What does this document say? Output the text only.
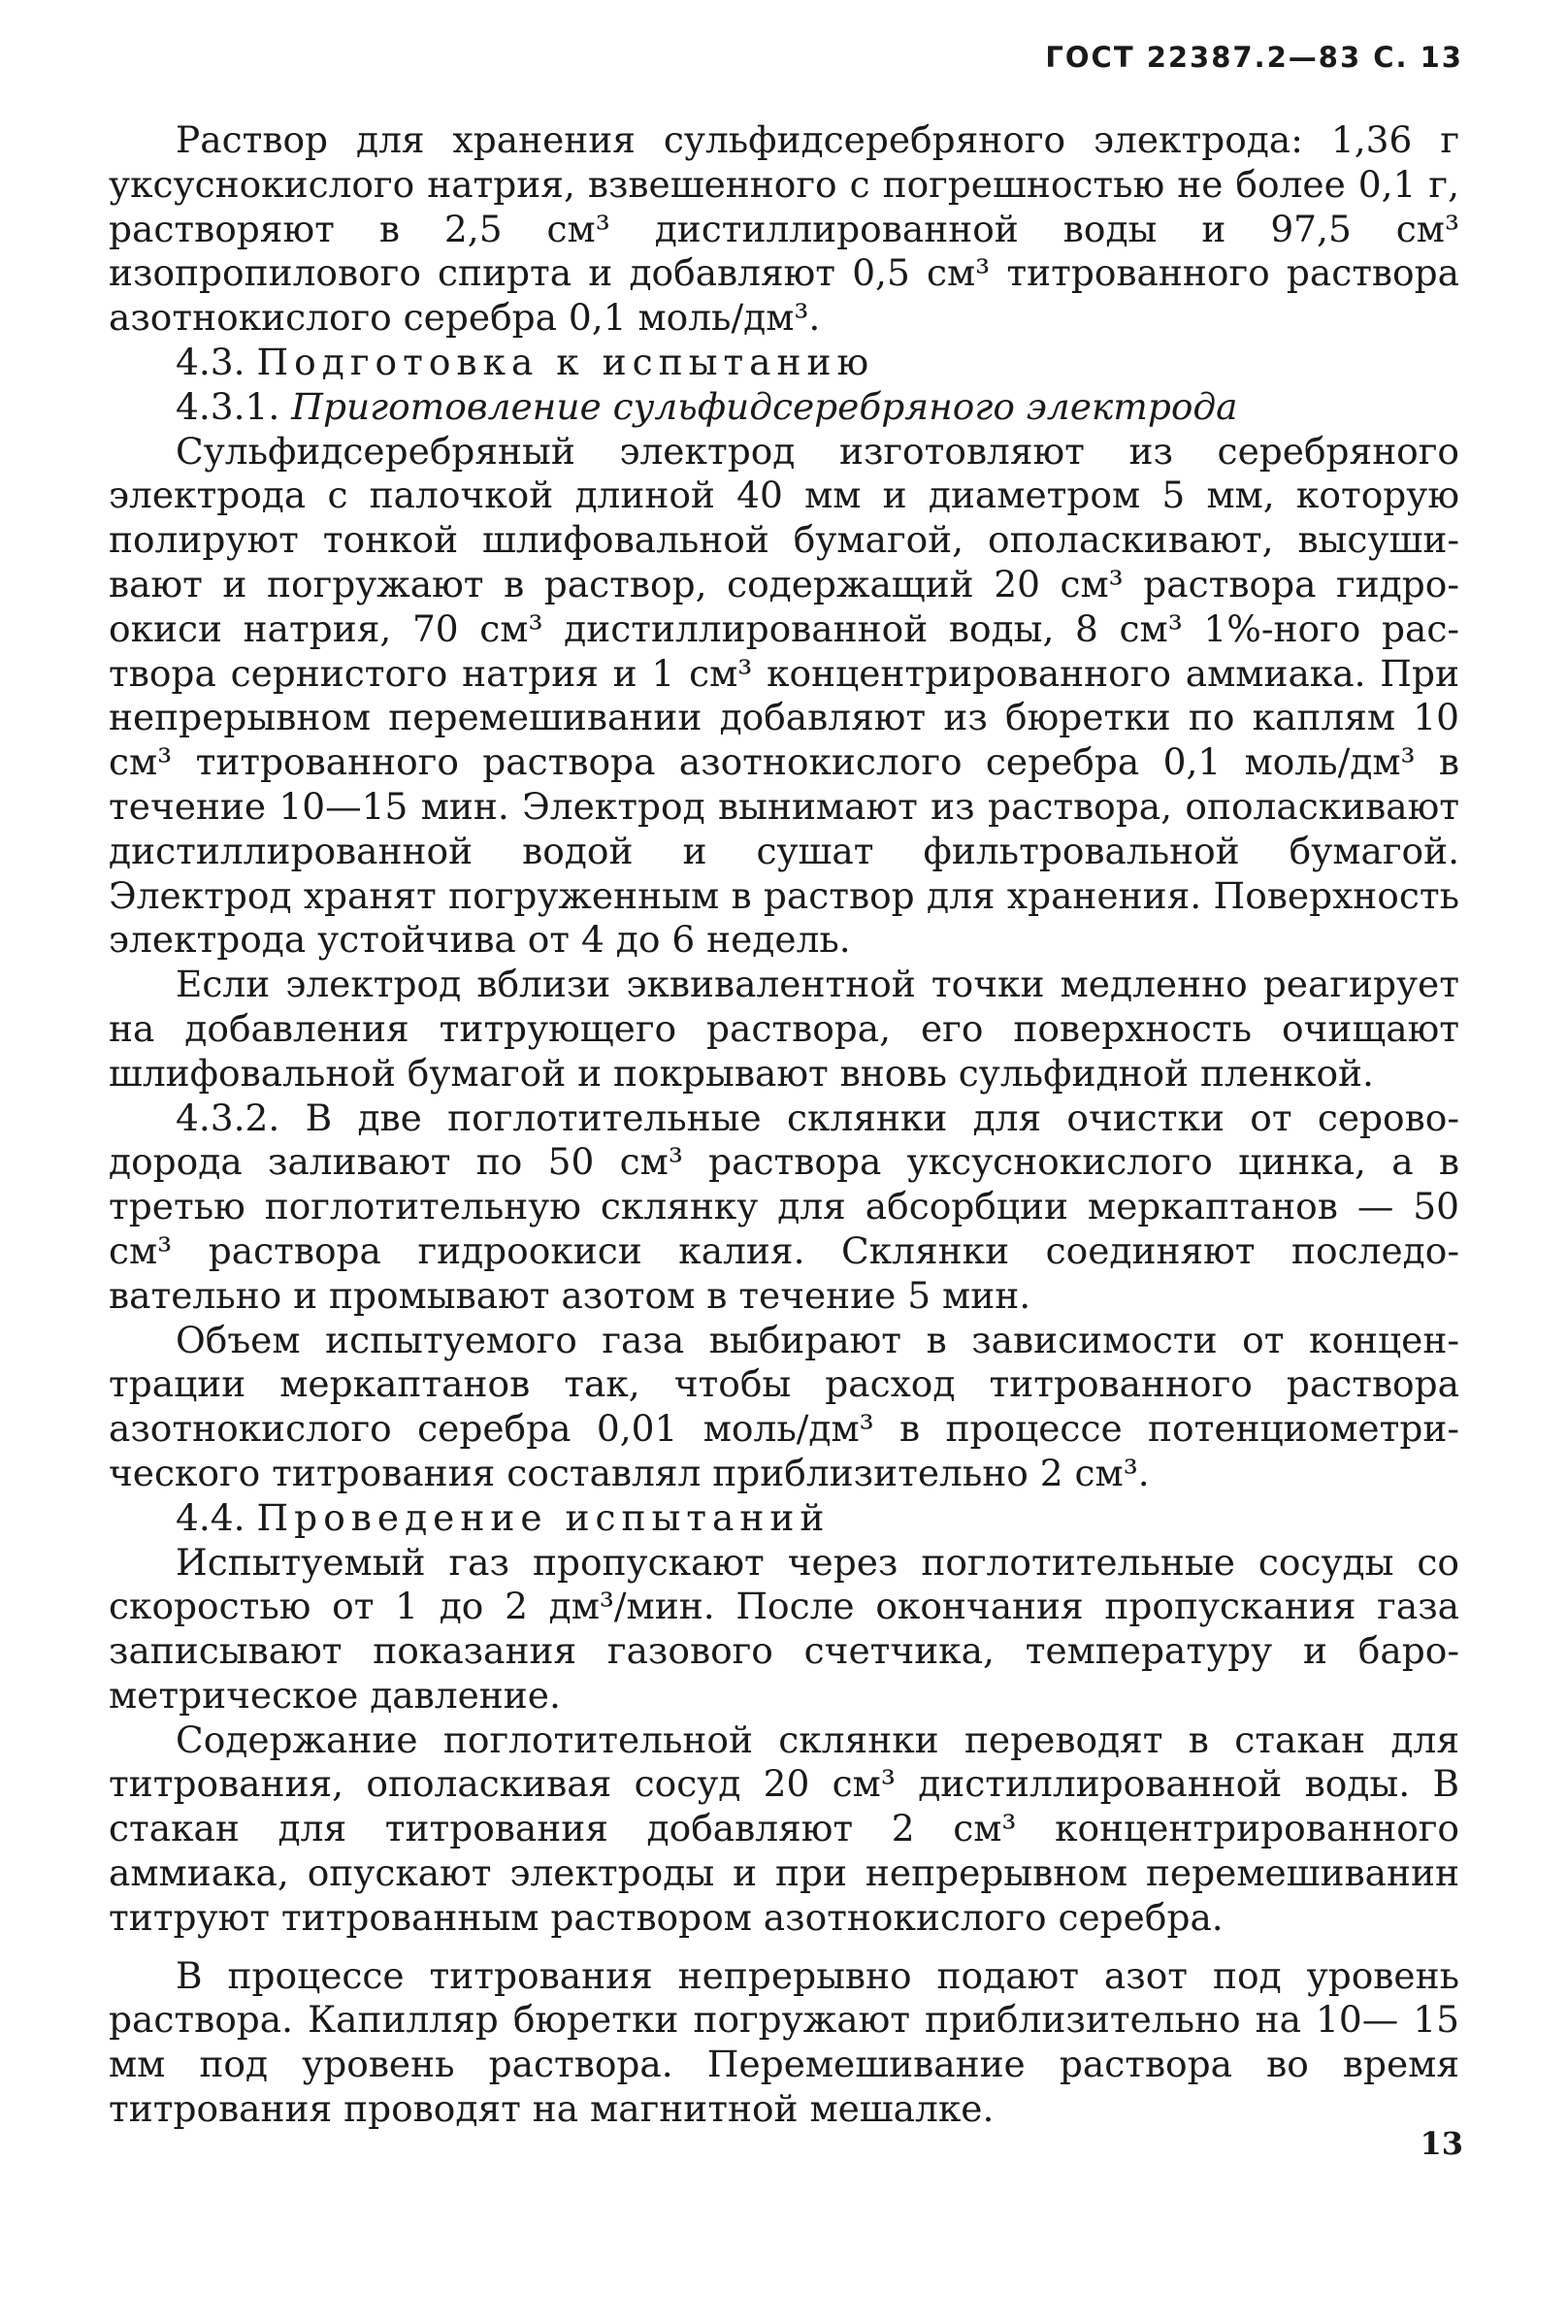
ГОСТ 22387.2—83 С. 13

Раствор для хранения сульфидсеребряного электрода: 1,36 г уксуснокислого натрия, взвешенного с погрешностью не более 0,1 г, растворяют в 2,5 см³ дистиллированной воды и 97,5 см³ изопропилового спирта и добавляют 0,5 см³ титрованного раствора азотнокислого серебра 0,1 моль/дм³.

4.3. Подготовка к испытанию

4.3.1. Приготовление сульфидсеребряного электрода

Сульфидсеребряный электрод изготовляют из серебряного электрода с палочкой длиной 40 мм и диаметром 5 мм, которую полируют тонкой шлифовальной бумагой, ополаскивают, высушивают и погружают в раствор, содержащий 20 см³ раствора гидроокиси натрия, 70 см³ дистиллированной воды, 8 см³ 1%-ного раствора сернистого натрия и 1 см³ концентрированного аммиака. При непрерывном перемешивании добавляют из бюретки по каплям 10 см³ титрованного раствора азотнокислого серебра 0,1 моль/дм³ в течение 10—15 мин. Электрод вынимают из раствора, ополаскивают дистиллированной водой и сушат фильтровальной бумагой. Электрод хранят погруженным в раствор для хранения. Поверхность электрода устойчива от 4 до 6 недель.

Если электрод вблизи эквивалентной точки медленно реагирует на добавления титрующего раствора, его поверхность очищают шлифовальной бумагой и покрывают вновь сульфидной пленкой.

4.3.2. В две поглотительные склянки для очистки от сероводорода заливают по 50 см³ раствора уксуснокислого цинка, а в третью поглотительную склянку для абсорбции меркаптанов — 50 см³ раствора гидроокиси калия. Склянки соединяют последовательно и промывают азотом в течение 5 мин.

Объем испытуемого газа выбирают в зависимости от концентрации меркаптанов так, чтобы расход титрованного раствора азотнокислого серебра 0,01 моль/дм³ в процессе потенциометрического титрования составлял приблизительно 2 см³.

4.4. Проведение испытаний

Испытуемый газ пропускают через поглотительные сосуды со скоростью от 1 до 2 дм³/мин. После окончания пропускания газа записывают показания газового счетчика, температуру и барометрическое давление.

Содержание поглотительной склянки переводят в стакан для титрования, ополаскивая сосуд 20 см³ дистиллированной воды. В стакан для титрования добавляют 2 см³ концентрированного аммиака, опускают электроды и при непрерывном перемешиванин титруют титрованным раствором азотнокислого серебра.

В процессе титрования непрерывно подают азот под уровень раствора. Капилляр бюретки погружают приблизительно на 10— 15 мм под уровень раствора. Перемешивание раствора во время титрования проводят на магнитной мешалке.

13
